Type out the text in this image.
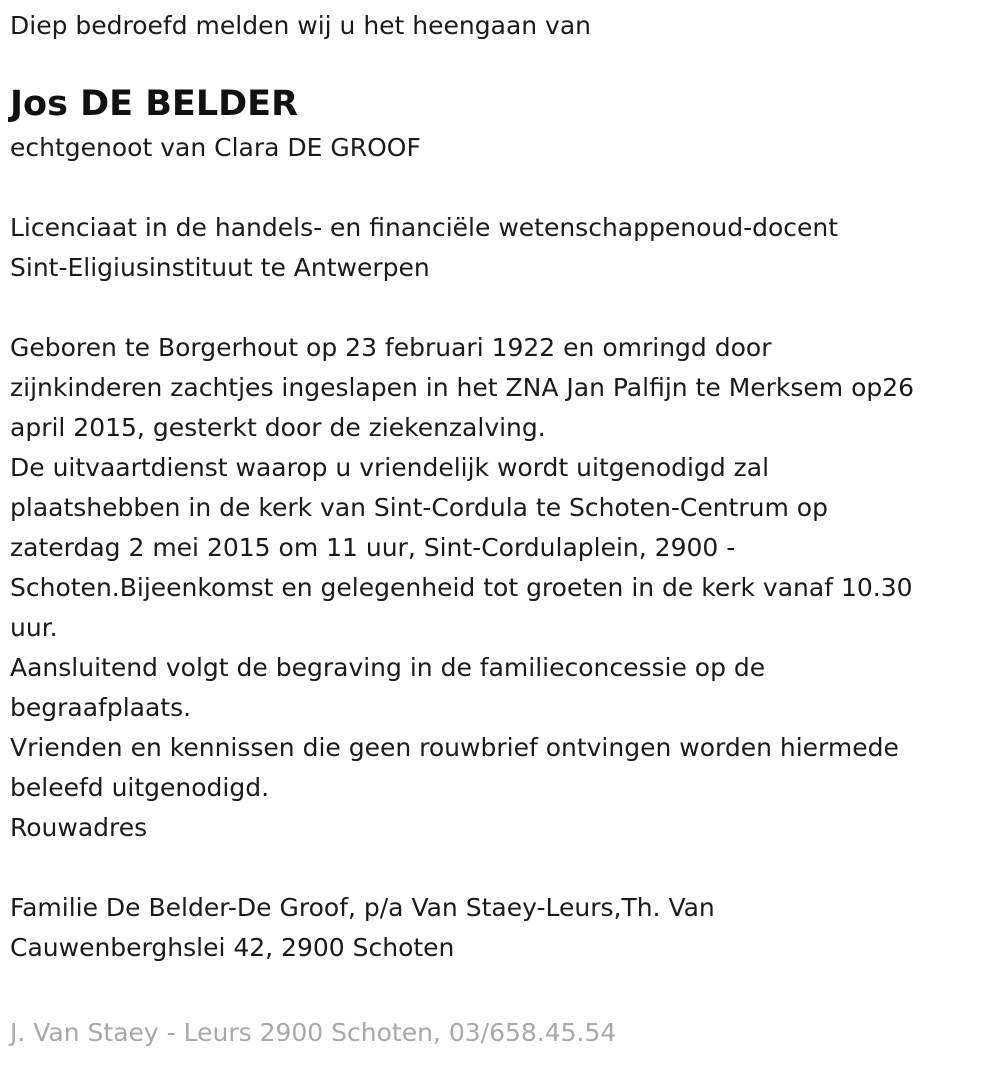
Diep bedroefd melden wij u het heengaan van

Jos DE BELDER

echtgenoot van Clara DE GROOF

Licenciaat in de handels- en financiële wetenschappenoud-docent

Sint-Eligiusinstituut te Antwerpen

Geboren te Borgerhout op 23 februari 1922 en omringd door

zijnkinderen zachtjes ingeslapen in het ZNA Jan Palfijn te Merksem op26

april 2015, gesterkt door de ziekenzalving.

De uitvaartdienst waarop u vriendelijk wordt uitgenodigd zal

plaatshebben in de kerk van Sint-Cordula te Schoten-Centrum op

zaterdag 2 mei 2015 om 11 uur, Sint-Cordulaplein, 2900 -

Schoten.Bijeenkomst en gelegenheid tot groeten in de kerk vanaf 10.30

uur.

Aansluitend volgt de begraving in de familieconcessie op de

begraafplaats.

Vrienden en kennissen die geen rouwbrief ontvingen worden hiermede

beleefd uitgenodigd.

Rouwadres

Familie De Belder-De Groof, p/a Van Staey-Leurs,Th. Van

Cauwenberghslei 42, 2900 Schoten

J. Van Staey - Leurs 2900 Schoten, 03/658.45.54
